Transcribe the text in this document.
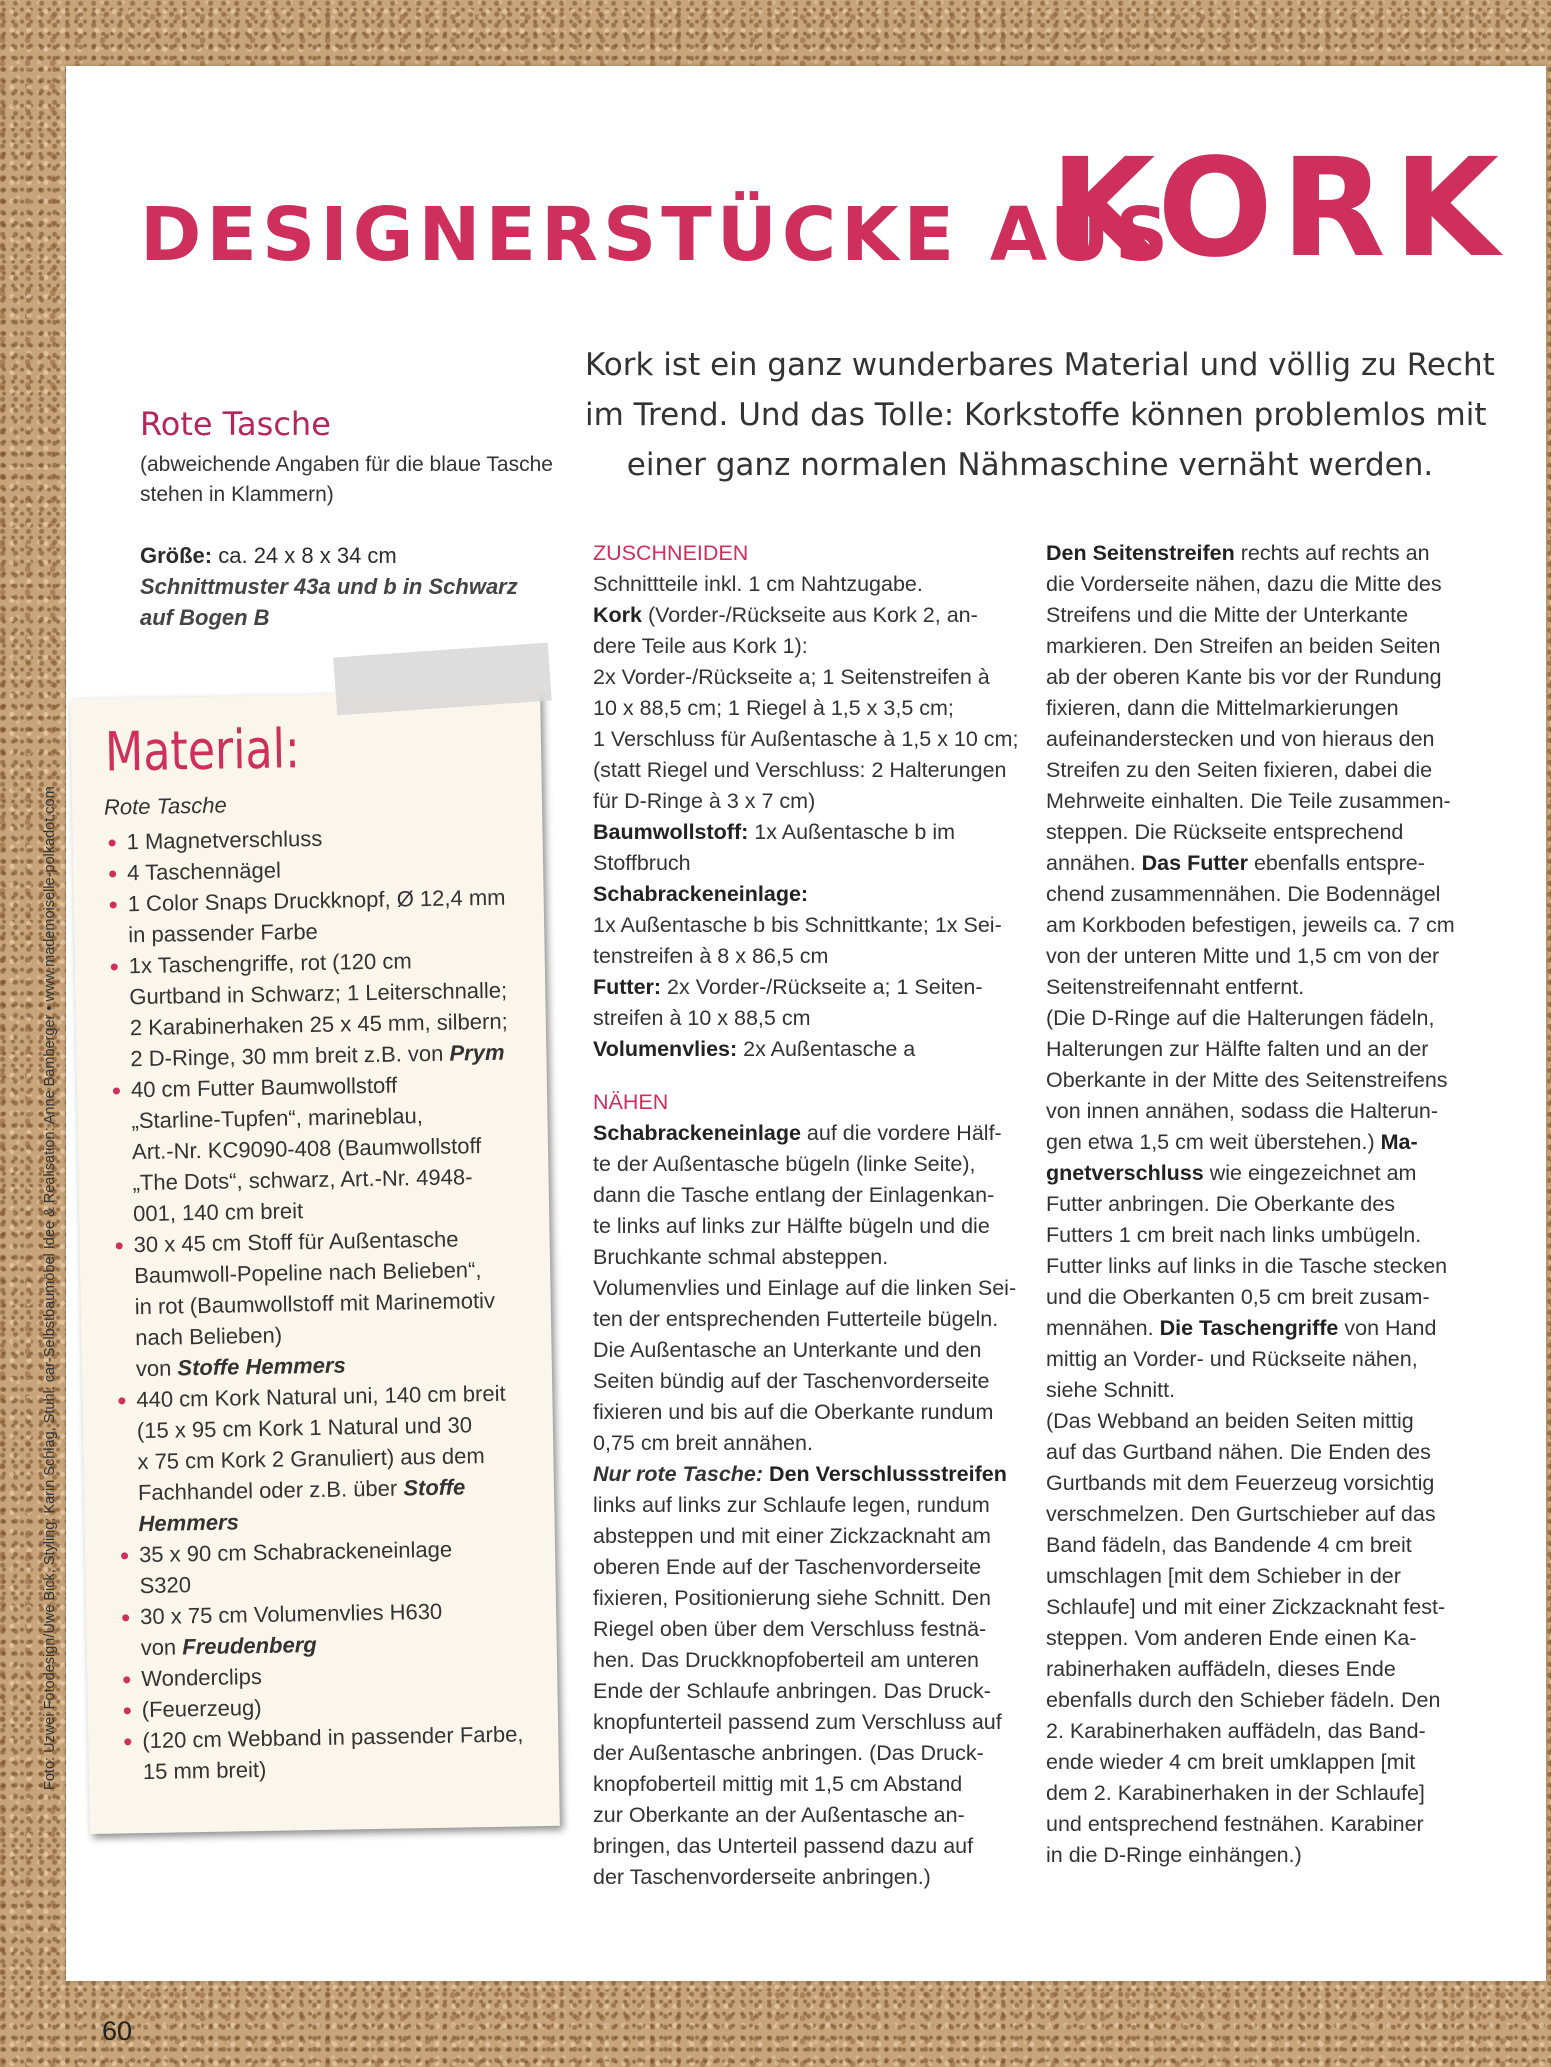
DESIGNERSTÜCKE AUS
KORK
Kork ist ein ganz wunderbares Material und völlig zu Recht
im Trend. Und das Tolle: Korkstoffe können problemlos mit
einer ganz normalen Nähmaschine vernäht werden.
Rote Tasche
(abweichende Angaben für die blaue Tasche stehen in Klammern)
Größe: ca. 24 x 8 x 34 cm
Schnittmuster 43a und b in Schwarz
auf Bogen B
Foto: Uzwei Fotodesign/Uwe Bick, Styling: Karin Schlag, Stuhl: car-Selbstbaumöbel Idee & Realisation: Anne Bamberger • www.mademoiselle-polkadot.com
Material:
Rote Tasche
1 Magnetverschluss
4 Taschennägel
1 Color Snaps Druckknopf, Ø 12,4 mm
in passender Farbe
1x Taschengriffe, rot (120 cm
Gurtband in Schwarz; 1 Leiterschnalle;
2 Karabinerhaken 25 x 45 mm, silbern;
2 D-Ringe, 30 mm breit z.B. von Prym
40 cm Futter Baumwollstoff
„Starline-Tupfen“, marineblau,
Art.-Nr. KC9090-408 (Baumwollstoff
„The Dots“, schwarz, Art.-Nr. 4948-
001, 140 cm breit
30 x 45 cm Stoff für Außentasche
Baumwoll-Popeline nach Belieben“,
in rot (Baumwollstoff mit Marinemotiv
nach Belieben)
von Stoffe Hemmers
440 cm Kork Natural uni, 140 cm breit
(15 x 95 cm Kork 1 Natural und 30
x 75 cm Kork 2 Granuliert) aus dem
Fachhandel oder z.B. über Stoffe
Hemmers
35 x 90 cm Schabrackeneinlage
S320
30 x 75 cm Volumenvlies H630
von Freudenberg
Wonderclips
(Feuerzeug)
(120 cm Webband in passender Farbe,
15 mm breit)
ZUSCHNEIDEN
Schnittteile inkl. 1 cm Nahtzugabe.
Kork (Vorder-/Rückseite aus Kork 2, an-
dere Teile aus Kork 1):
2x Vorder-/Rückseite a; 1 Seitenstreifen à
10 x 88,5 cm; 1 Riegel à 1,5 x 3,5 cm;
1 Verschluss für Außentasche à 1,5 x 10 cm;
(statt Riegel und Verschluss: 2 Halterungen
für D-Ringe à 3 x 7 cm)
Baumwollstoff: 1x Außentasche b im
Stoffbruch
Schabrackeneinlage:
1x Außentasche b bis Schnittkante; 1x Sei-
tenstreifen à 8 x 86,5 cm
Futter: 2x Vorder-/Rückseite a; 1 Seiten-
streifen à 10 x 88,5 cm
Volumenvlies: 2x Außentasche a
NÄHEN
Schabrackeneinlage auf die vordere Hälf-
te der Außentasche bügeln (linke Seite),
dann die Tasche entlang der Einlagenkan-
te links auf links zur Hälfte bügeln und die
Bruchkante schmal absteppen.
Volumenvlies und Einlage auf die linken Sei-
ten der entsprechenden Futterteile bügeln.
Die Außentasche an Unterkante und den
Seiten bündig auf der Taschenvorderseite
fixieren und bis auf die Oberkante rundum
0,75 cm breit annähen.
Nur rote Tasche: Den Verschlussstreifen
links auf links zur Schlaufe legen, rundum
absteppen und mit einer Zickzacknaht am
oberen Ende auf der Taschenvorderseite
fixieren, Positionierung siehe Schnitt. Den
Riegel oben über dem Verschluss festnä-
hen. Das Druckknopfoberteil am unteren
Ende der Schlaufe anbringen. Das Druck-
knopfunterteil passend zum Verschluss auf
der Außentasche anbringen. (Das Druck-
knopfoberteil mittig mit 1,5 cm Abstand
zur Oberkante an der Außentasche an-
bringen, das Unterteil passend dazu auf
der Taschenvorderseite anbringen.)
Den Seitenstreifen rechts auf rechts an
die Vorderseite nähen, dazu die Mitte des
Streifens und die Mitte der Unterkante
markieren. Den Streifen an beiden Seiten
ab der oberen Kante bis vor der Rundung
fixieren, dann die Mittelmarkierungen
aufeinanderstecken und von hieraus den
Streifen zu den Seiten fixieren, dabei die
Mehrweite einhalten. Die Teile zusammen-
steppen. Die Rückseite entsprechend
annähen. Das Futter ebenfalls entspre-
chend zusammennähen. Die Bodennägel
am Korkboden befestigen, jeweils ca. 7 cm
von der unteren Mitte und 1,5 cm von der
Seitenstreifennaht entfernt.
(Die D-Ringe auf die Halterungen fädeln,
Halterungen zur Hälfte falten und an der
Oberkante in der Mitte des Seitenstreifens
von innen annähen, sodass die Halterun-
gen etwa 1,5 cm weit überstehen.) Ma-
gnetverschluss wie eingezeichnet am
Futter anbringen. Die Oberkante des
Futters 1 cm breit nach links umbügeln.
Futter links auf links in die Tasche stecken
und die Oberkanten 0,5 cm breit zusam-
mennähen. Die Taschengriffe von Hand
mittig an Vorder- und Rückseite nähen,
siehe Schnitt.
(Das Webband an beiden Seiten mittig
auf das Gurtband nähen. Die Enden des
Gurtbands mit dem Feuerzeug vorsichtig
verschmelzen. Den Gurtschieber auf das
Band fädeln, das Bandende 4 cm breit
umschlagen [mit dem Schieber in der
Schlaufe] und mit einer Zickzacknaht fest-
steppen. Vom anderen Ende einen Ka-
rabinerhaken auffädeln, dieses Ende
ebenfalls durch den Schieber fädeln. Den
2. Karabinerhaken auffädeln, das Band-
ende wieder 4 cm breit umklappen [mit
dem 2. Karabinerhaken in der Schlaufe]
und entsprechend festnähen. Karabiner
in die D-Ringe einhängen.)
60
